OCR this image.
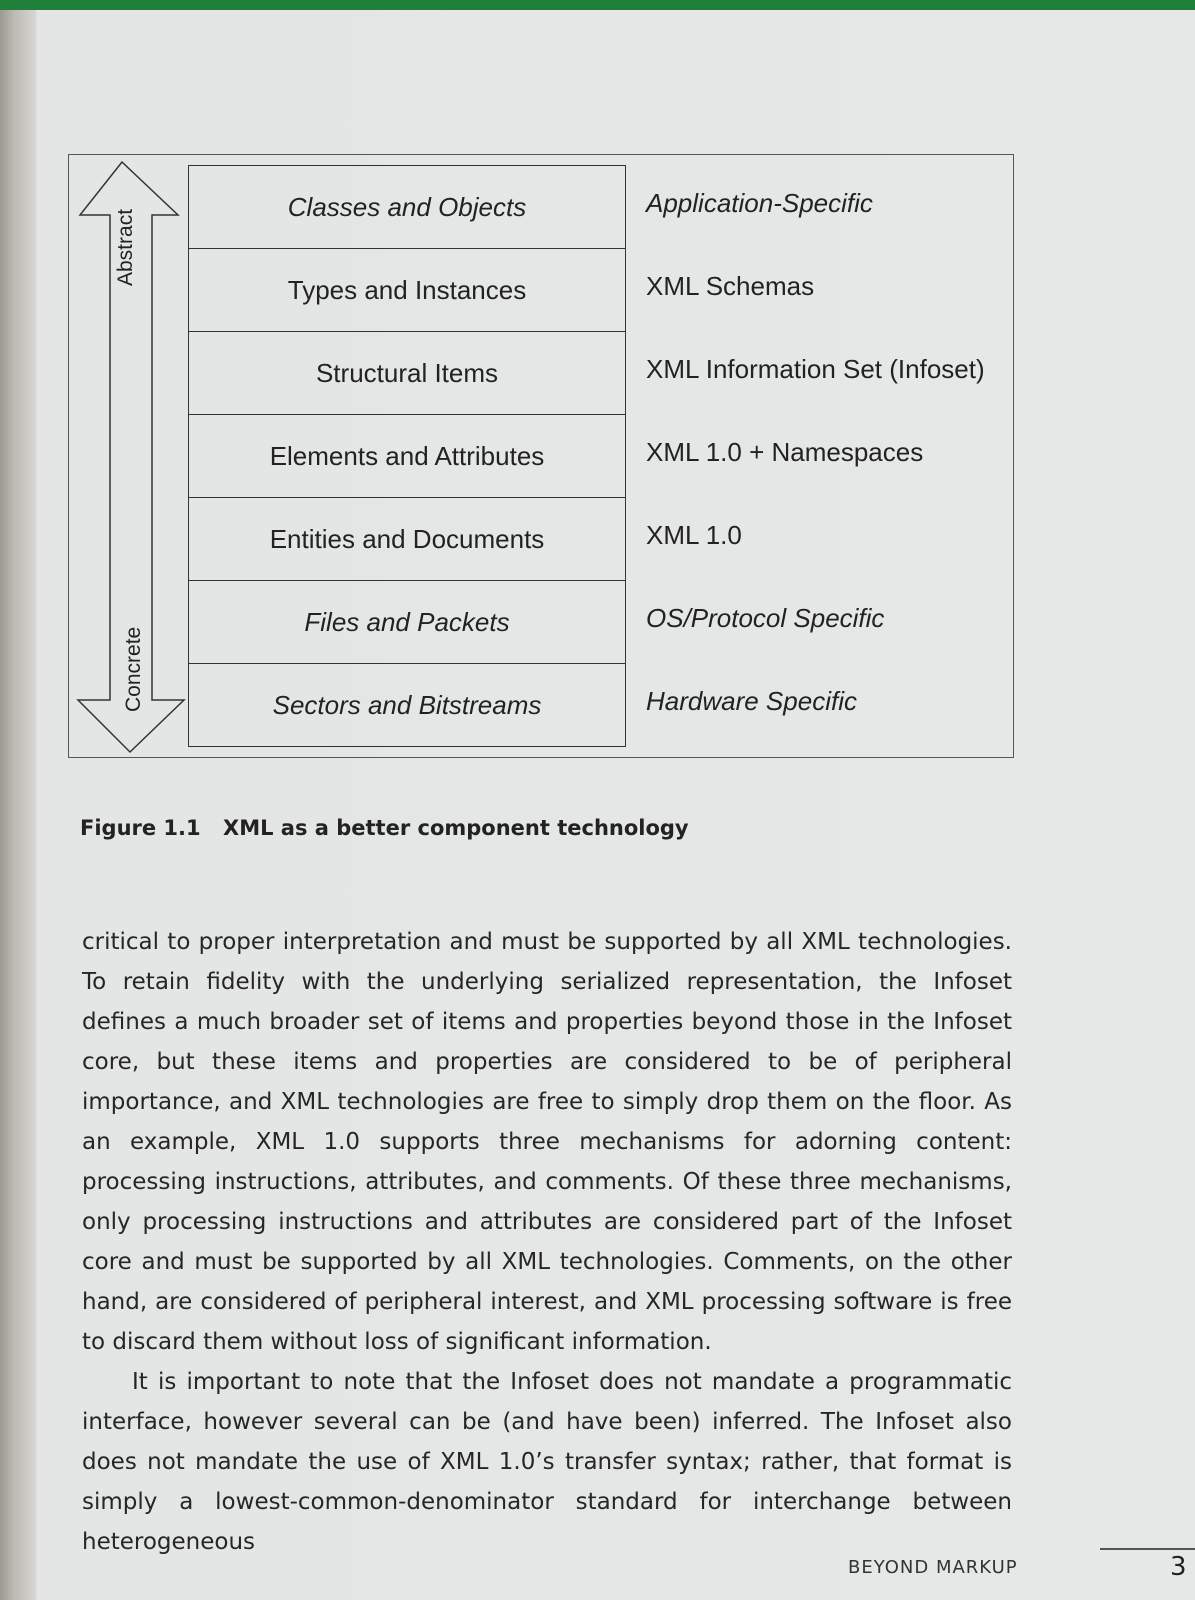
Abstract
Concrete
Classes and Objects
Types and Instances
Structural Items
Elements and Attributes
Entities and Documents
Files and Packets
Sectors and Bitstreams
Application-Specific
XML Schemas
XML Information Set (Infoset)
XML 1.0 + Namespaces
XML 1.0
OS/Protocol Specific
Hardware Specific
Figure 1.1 XML as a better component technology

critical to proper interpretation and must be supported by all XML technologies. To retain fidelity with the underlying serialized representation, the Infoset defines a much broader set of items and properties beyond those in the Infoset core, but these items and properties are considered to be of peripheral importance, and XML technologies are free to simply drop them on the floor. As an example, XML 1.0 supports three mechanisms for adorning content: processing instructions, attributes, and comments. Of these three mechanisms, only processing instructions and attributes are considered part of the Infoset core and must be supported by all XML technologies. Comments, on the other hand, are considered of peripheral interest, and XML processing software is free to discard them without loss of significant information.

It is important to note that the Infoset does not mandate a programmatic interface, however several can be (and have been) inferred. The Infoset also does not mandate the use of XML 1.0’s transfer syntax; rather, that format is simply a lowest-common-denominator standard for interchange between heterogeneous

BEYOND MARKUP	3
